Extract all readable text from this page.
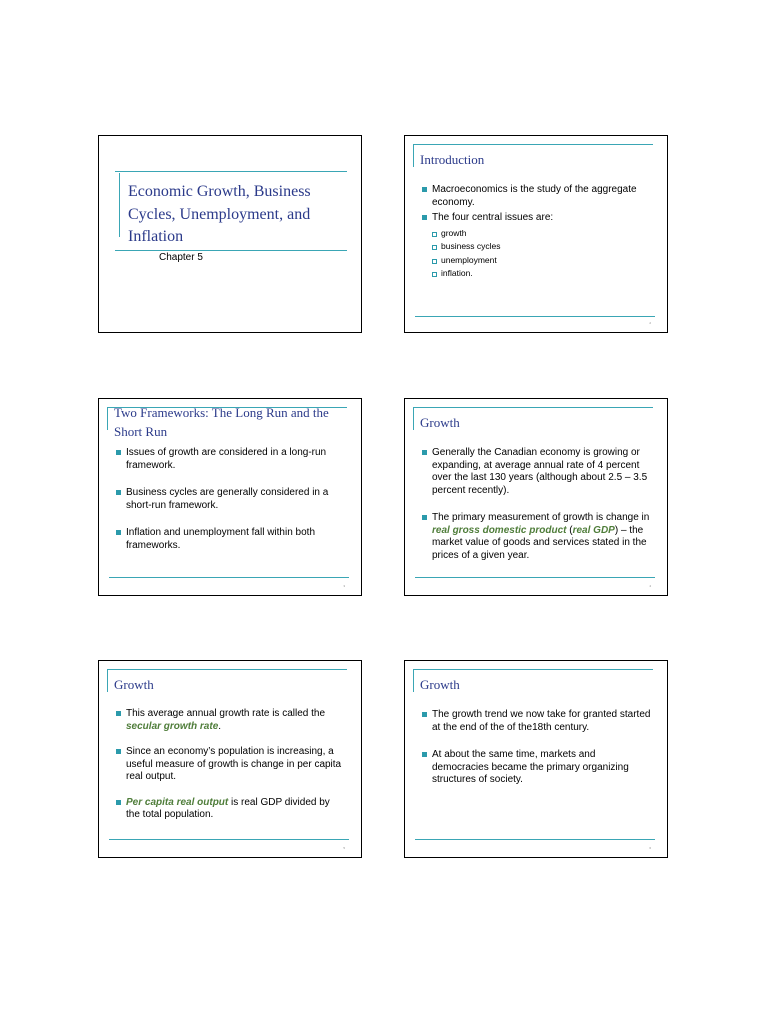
Economic Growth, Business Cycles, Unemployment, and Inflation
Chapter 5
Introduction
Macroeconomics is the study of the aggregate economy.
The four central issues are:
growth
business cycles
unemployment
inflation.
2
Two Frameworks: The Long Run and the Short Run
Issues of growth are considered in a long-run framework.
Business cycles are generally considered in a short-run framework.
Inflation and unemployment fall within both frameworks.
3
Growth
Generally the Canadian economy is growing or expanding, at average annual rate of 4 percent over the last 130 years (although about 2.5 – 3.5 percent recently).
The primary measurement of growth is change in real gross domestic product (real GDP) – the market value of goods and services stated in the prices of a given year.
4
Growth
This average annual growth rate is called the secular growth rate.
Since an economy’s population is increasing, a useful measure of growth is change in per capita real output.
Per capita real output is real GDP divided by the total population.
5
Growth
The growth trend we now take for granted started at the end of the of the18th century.
At about the same time, markets and democracies became the primary organizing structures of society.
6
